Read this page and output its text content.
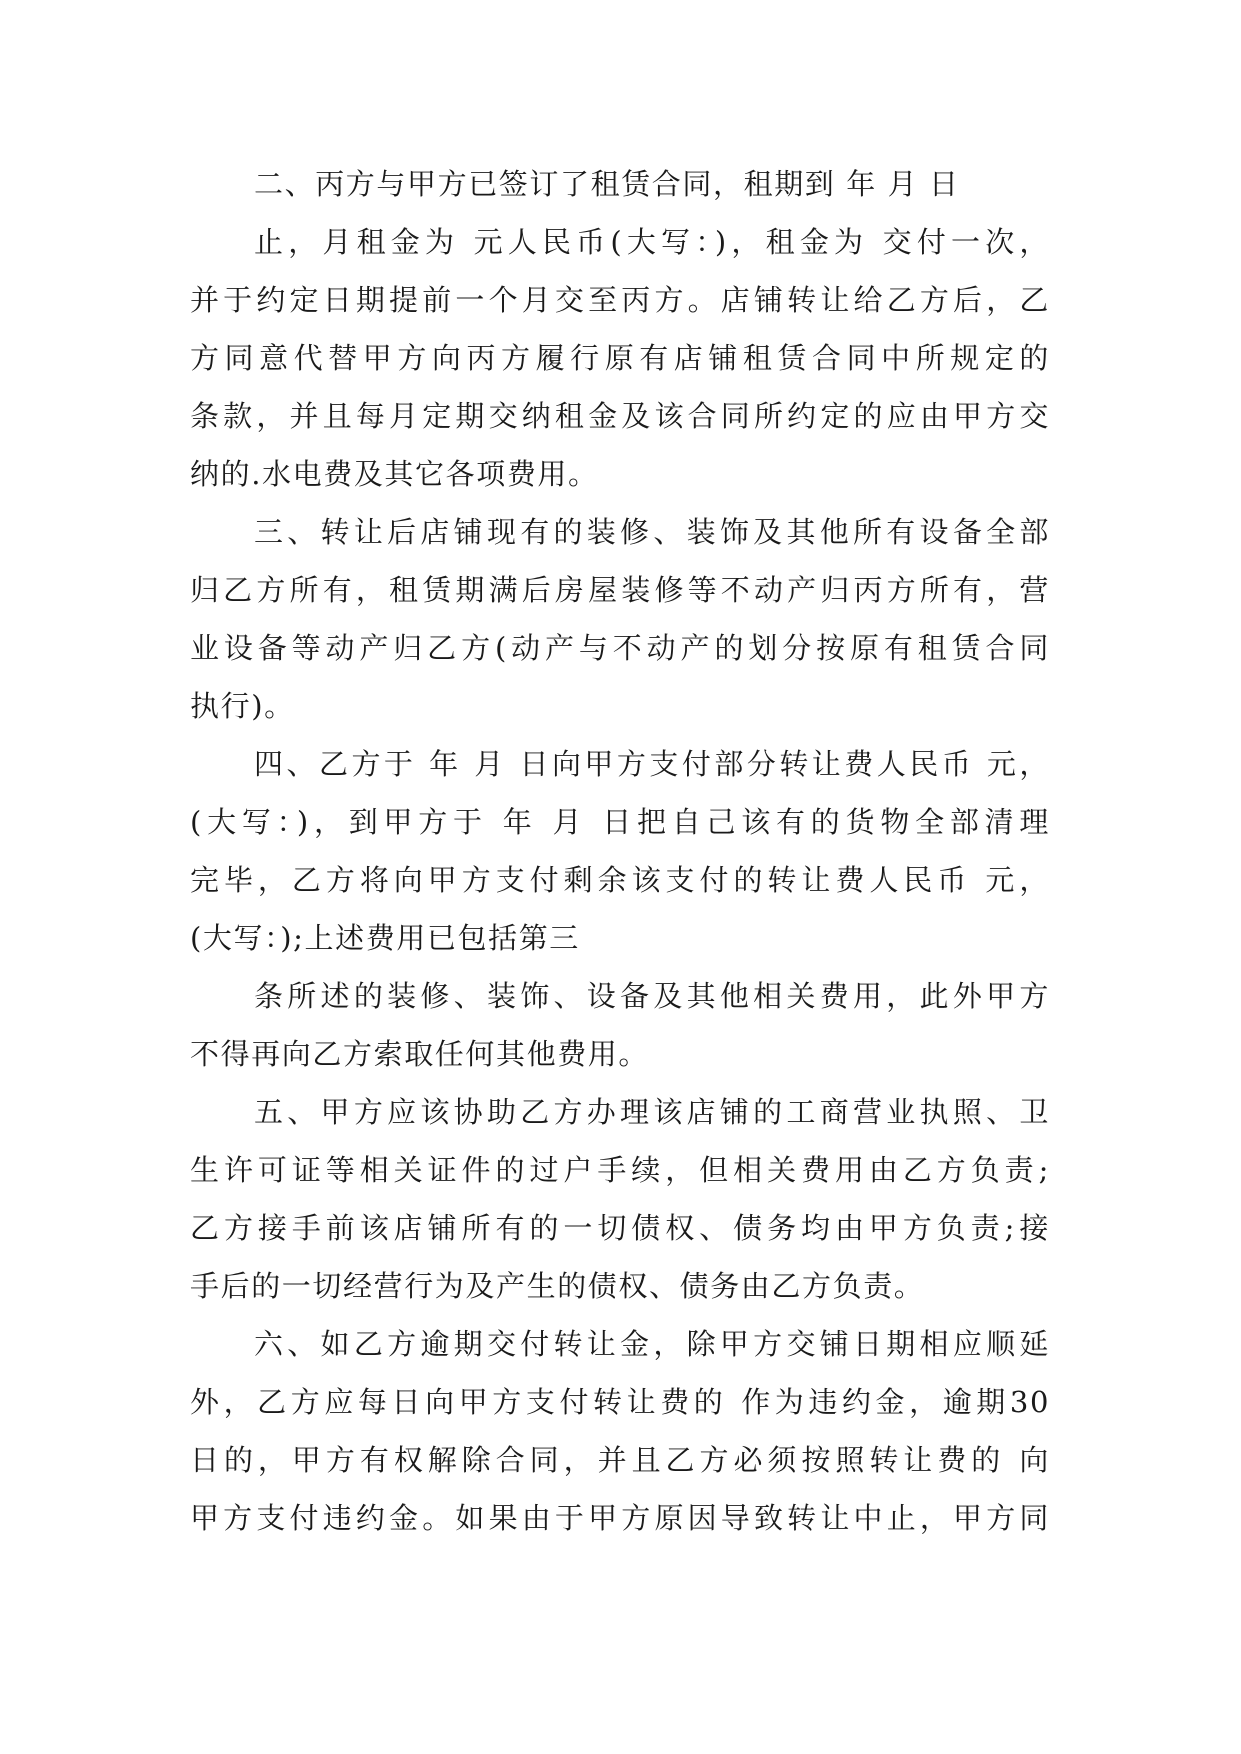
二、丙方与甲方已签订了租赁合同，租期到 年 月 日
止，月租金为 元人民币(大写：)，租金为 交付一次，
并于约定日期提前一个月交至丙方。店铺转让给乙方后，乙
方同意代替甲方向丙方履行原有店铺租赁合同中所规定的
条款，并且每月定期交纳租金及该合同所约定的应由甲方交
纳的.水电费及其它各项费用。
三、转让后店铺现有的装修、装饰及其他所有设备全部
归乙方所有，租赁期满后房屋装修等不动产归丙方所有，营
业设备等动产归乙方(动产与不动产的划分按原有租赁合同
执行)。
四、乙方于 年 月 日向甲方支付部分转让费人民币 元，
(大写：)，到甲方于 年 月 日把自己该有的货物全部清理
完毕，乙方将向甲方支付剩余该支付的转让费人民币 元，
(大写：);上述费用已包括第三
条所述的装修、装饰、设备及其他相关费用，此外甲方
不得再向乙方索取任何其他费用。
五、甲方应该协助乙方办理该店铺的工商营业执照、卫
生许可证等相关证件的过户手续，但相关费用由乙方负责;
乙方接手前该店铺所有的一切债权、债务均由甲方负责;接
手后的一切经营行为及产生的债权、债务由乙方负责。
六、如乙方逾期交付转让金，除甲方交铺日期相应顺延
外，乙方应每日向甲方支付转让费的 作为违约金，逾期30
日的，甲方有权解除合同，并且乙方必须按照转让费的 向
甲方支付违约金。如果由于甲方原因导致转让中止，甲方同
